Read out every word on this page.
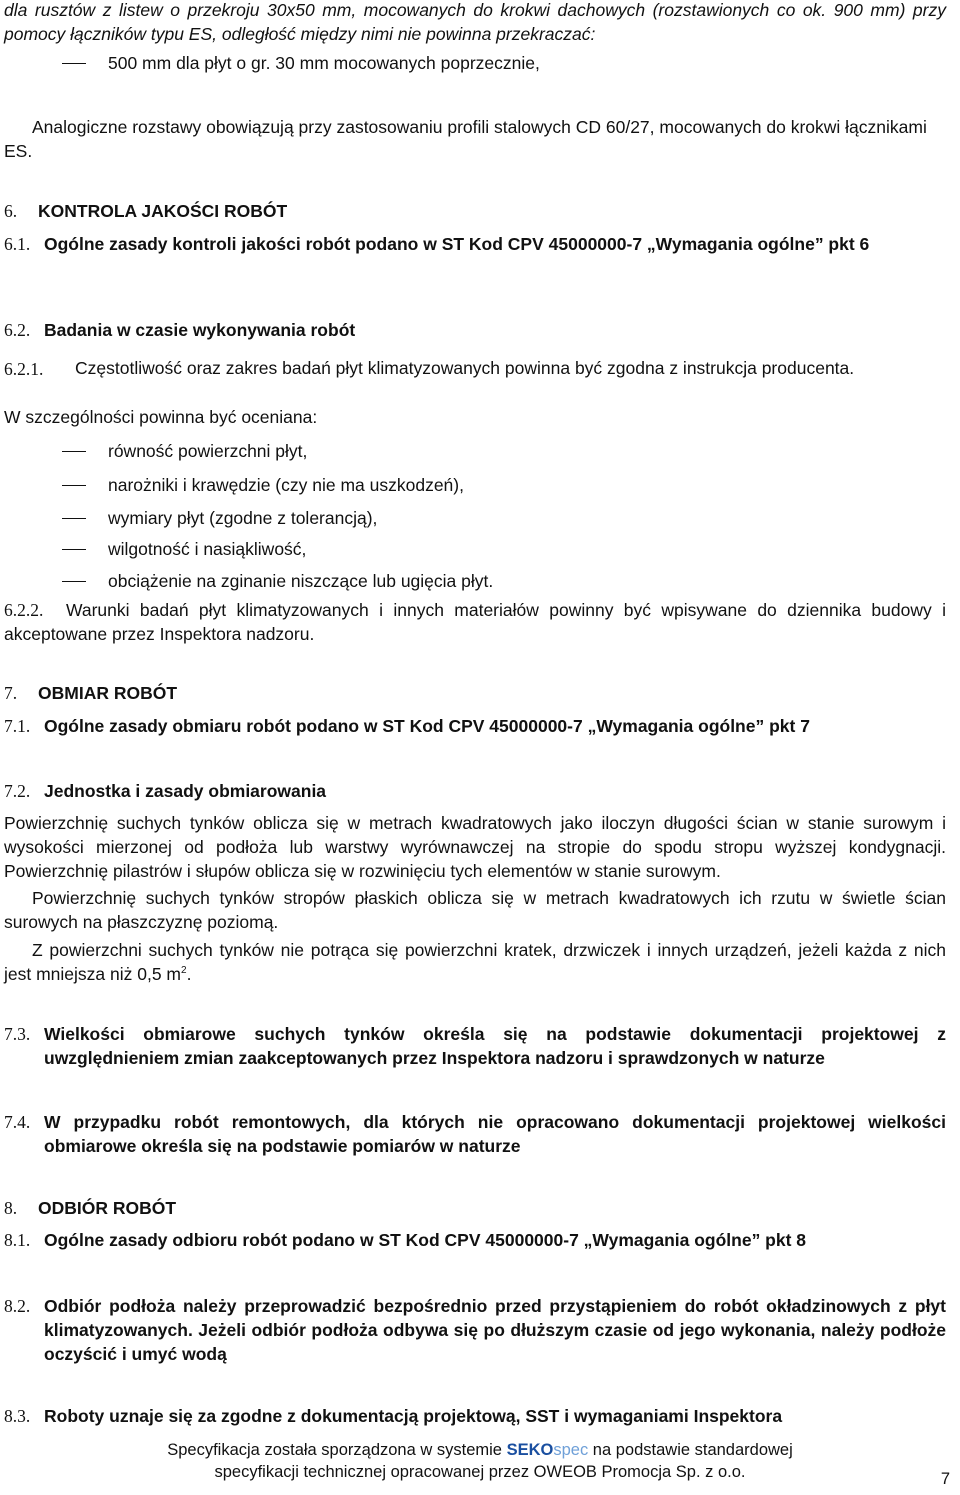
dla rusztów z listew o przekroju 30x50 mm, mocowanych do krokwi dachowych (rozstawionych co ok. 900 mm) przy pomocy łączników typu ES, odległość między nimi nie powinna przekraczać:
500 mm dla płyt o gr. 30 mm mocowanych poprzecznie,
Analogiczne rozstawy obowiązują przy zastosowaniu profili stalowych CD 60/27, mocowanych do krokwi łącznikami ES.
6. KONTROLA JAKOŚCI ROBÓT
6.1. Ogólne zasady kontroli jakości robót podano w ST Kod CPV 45000000-7 „Wymagania ogólne” pkt 6
6.2. Badania w czasie wykonywania robót
6.2.1. Częstotliwość oraz zakres badań płyt klimatyzowanych powinna być zgodna z instrukcja producenta.
W szczególności powinna być oceniana:
równość powierzchni płyt,
narożniki i krawędzie (czy nie ma uszkodzeń),
wymiary płyt (zgodne z tolerancją),
wilgotność i nasiąkliwość,
obciążenie na zginanie niszczące lub ugięcia płyt.
6.2.2.	Warunki badań płyt klimatyzowanych i innych materiałów powinny być wpisywane do dziennika budowy i akceptowane przez Inspektora nadzoru.
7. OBMIAR ROBÓT
7.1. Ogólne zasady obmiaru robót podano w ST Kod CPV 45000000-7 „Wymagania ogólne” pkt 7
7.2. Jednostka i zasady obmiarowania
Powierzchnię suchych tynków oblicza się w metrach kwadratowych jako iloczyn długości ścian w stanie surowym i wysokości mierzonej od podłoża lub warstwy wyrównawczej na stropie do spodu stropu wyższej kondygnacji. Powierzchnię pilastrów i słupów oblicza się w rozwinięciu tych elementów w stanie surowym.
Powierzchnię suchych tynków stropów płaskich oblicza się w metrach kwadratowych ich rzutu w świetle ścian surowych na płaszczyznę poziomą.
Z powierzchni suchych tynków nie potrąca się powierzchni kratek, drzwiczek i innych urządzeń, jeżeli każda z nich jest mniejsza niż 0,5 $m^2$.
7.3. Wielkości obmiarowe suchych tynków określa się na podstawie dokumentacji projektowej z uwzględnieniem zmian zaakceptowanych przez Inspektora nadzoru i sprawdzonych w naturze
7.4. W przypadku robót remontowych, dla których nie opracowano dokumentacji projektowej wielkości obmiarowe określa się na podstawie pomiarów w naturze
8. ODBIÓR ROBÓT
8.1. Ogólne zasady odbioru robót podano w ST Kod CPV 45000000-7 „Wymagania ogólne” pkt 8
8.2. Odbiór podłoża należy przeprowadzić bezpośrednio przed przystąpieniem do robót okładzinowych z płyt klimatyzowanych. Jeżeli odbiór podłoża odbywa się po dłuższym czasie od jego wykonania, należy podłoże oczyścić i umyć wodą
8.3. Roboty uznaje się za zgodne z dokumentacją projektową, SST i wymaganiami Inspektora
Specyfikacja została sporządzona w systemie SEKOspec na podstawie standardowej
specyfikacji technicznej opracowanej przez OWEOB Promocja Sp. z o.o.	7
